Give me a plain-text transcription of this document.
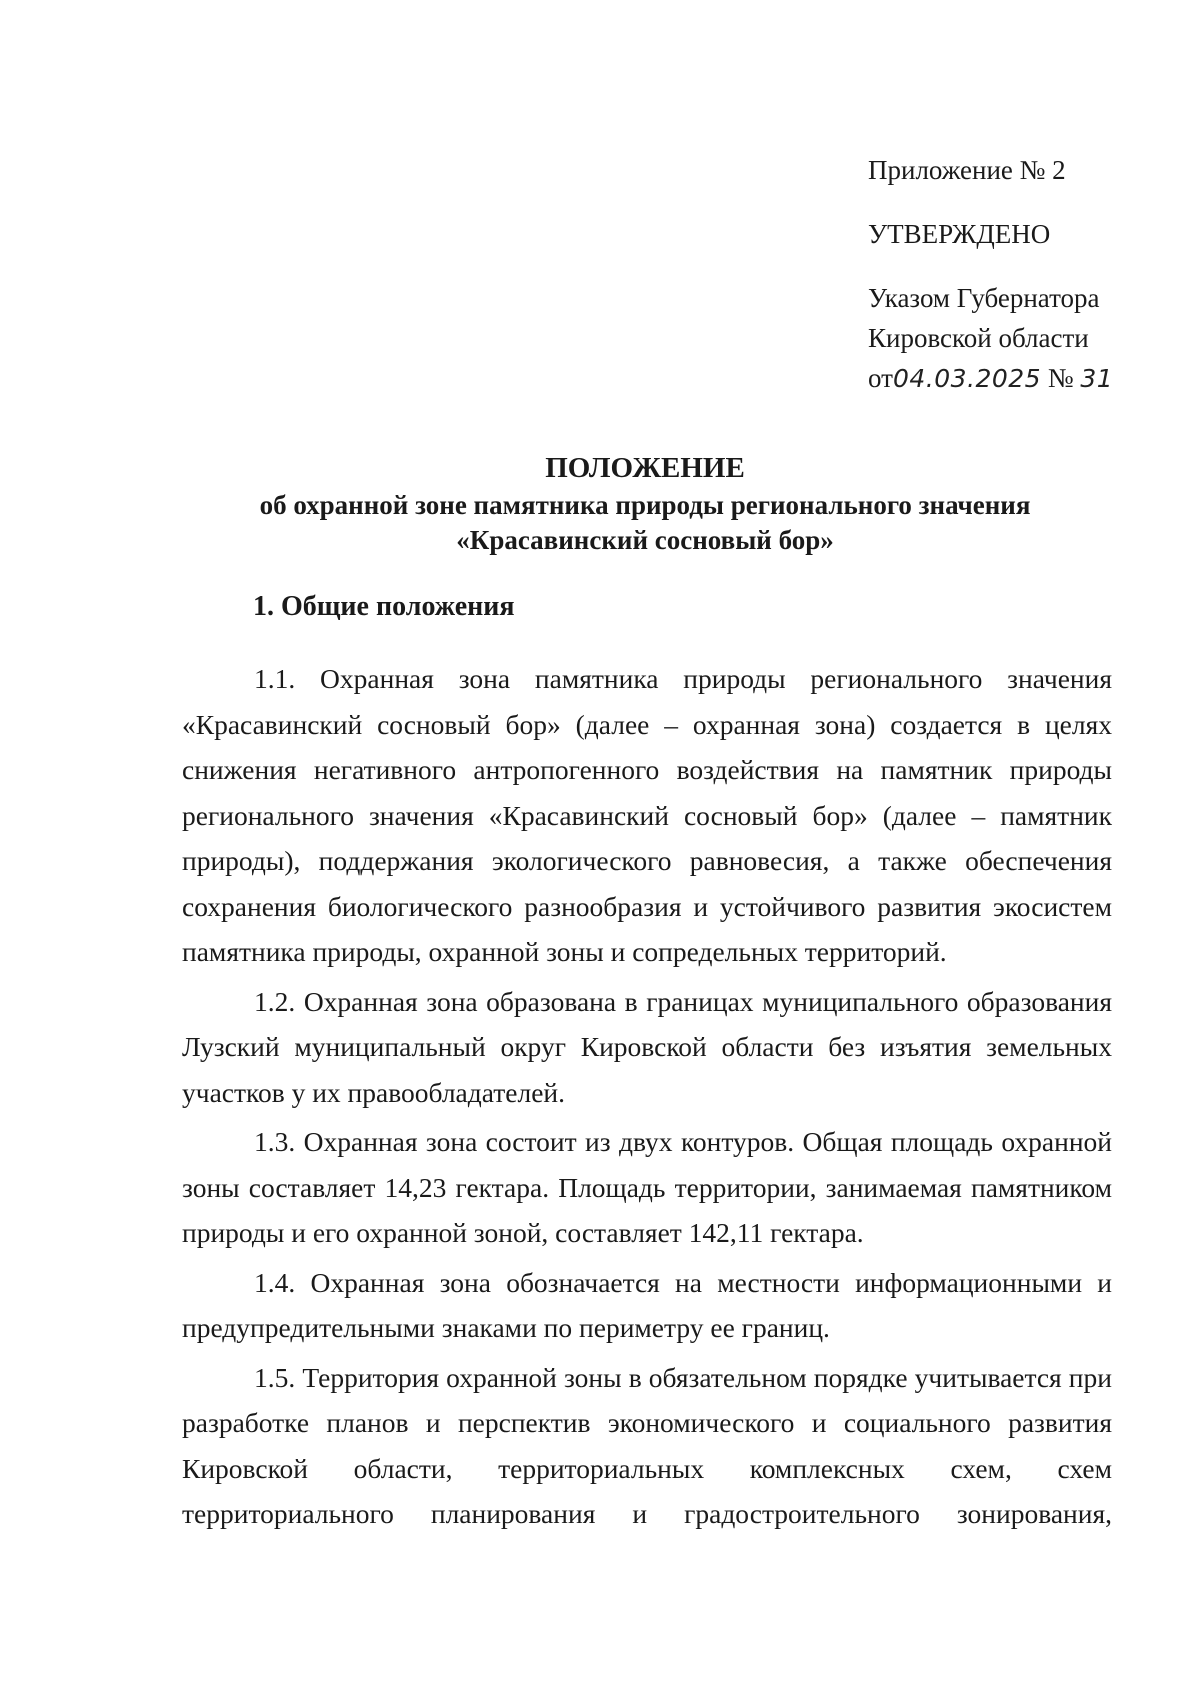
Приложение № 2
УТВЕРЖДЕНО
Указом Губернатора
Кировской области
от04.03.2025 № 31
ПОЛОЖЕНИЕ
об охранной зоне памятника природы регионального значения
«Красавинский сосновый бор»
1. Общие положения

1.1. Охранная зона памятника природы регионального значения «Красавинский сосновый бор» (далее – охранная зона) создается в целях снижения негативного антропогенного воздействия на памятник природы регионального значения «Красавинский сосновый бор» (далее – памятник природы), поддержания экологического равновесия, а также обеспечения сохранения биологического разнообразия и устойчивого развития экосистем памятника природы, охранной зоны и сопредельных территорий.

1.2. Охранная зона образована в границах муниципального образования Лузский муниципальный округ Кировской области без изъятия земельных участков у их правообладателей.

1.3. Охранная зона состоит из двух контуров. Общая площадь охранной зоны составляет 14,23 гектара. Площадь территории, занимаемая памятником природы и его охранной зоной, составляет 142,11 гектара.

1.4. Охранная зона обозначается на местности информационными и предупредительными знаками по периметру ее границ.

1.5. Территория охранной зоны в обязательном порядке учитывается при разработке планов и перспектив экономического и социального развития Кировской области, территориальных комплексных схем, схем территориального планирования и градостроительного зонирования,
